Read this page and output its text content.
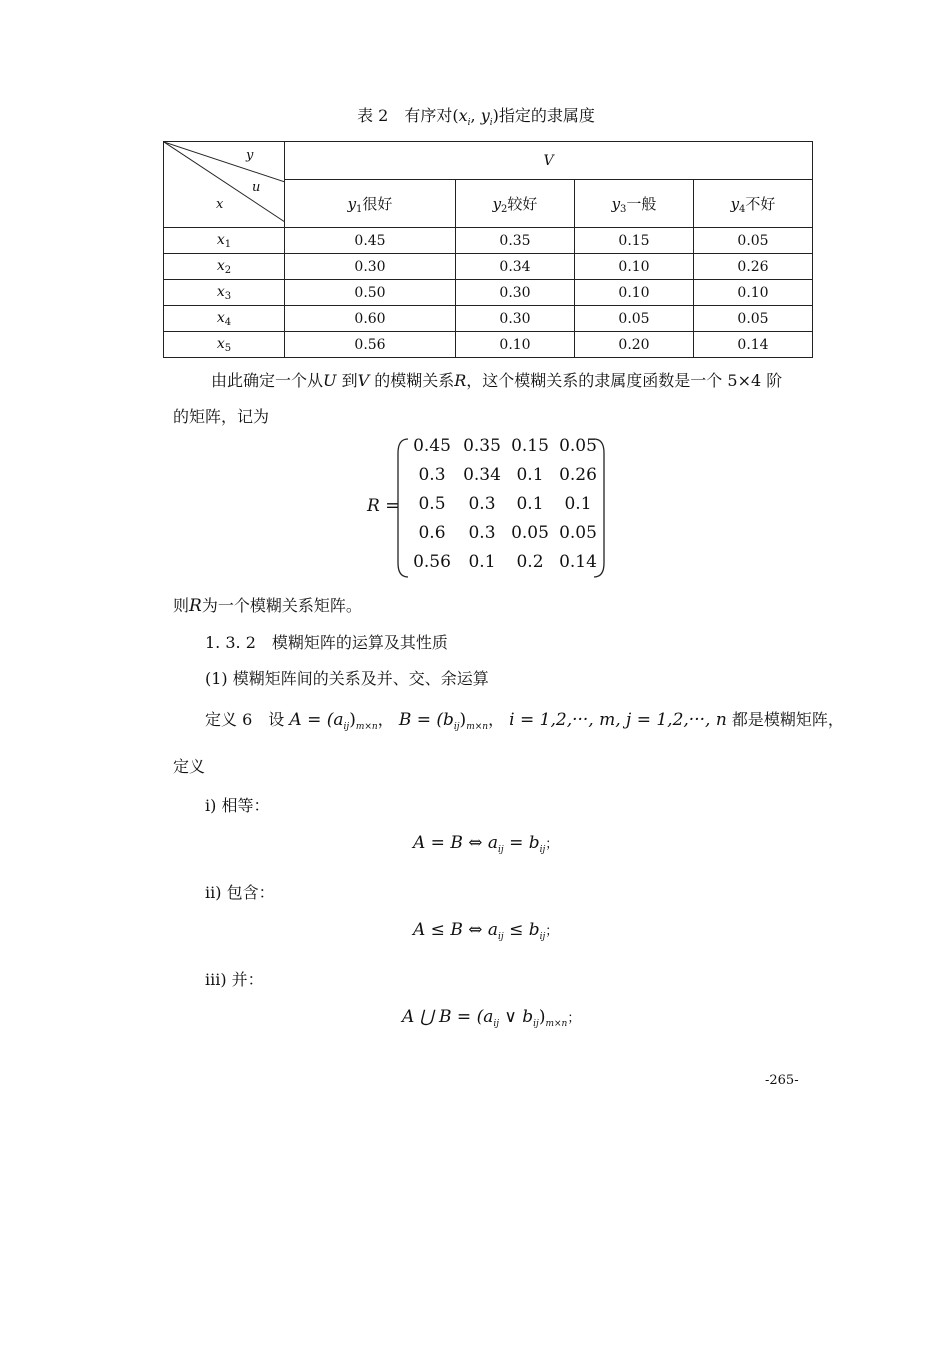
表 2　有序对($x_i$, $y_i$)指定的隶属度
y
u
x	V			
	$y_1$很好	$y_2$较好	$y_3$一般	$y_4$不好
$x_1$	0.45	0.35	0.15	0.05
$x_2$	0.30	0.34	0.10	0.26
$x_3$	0.50	0.30	0.10	0.10
$x_4$	0.60	0.30	0.05	0.05
$x_5$	0.56	0.10	0.20	0.14
由此确定一个从U 到V 的模糊关系R，这个模糊关系的隶属度函数是一个 5×4 阶
的矩阵，记为
R =
0.45 0.35 0.15 0.05
0.3	0.34 0.1 0.26
0.5	0.3	0.1	0.1
0.6	0.3 0.05 0.05
0.56	0.1	0.2 0.14
则R为一个模糊关系矩阵。
1. 3. 2　模糊矩阵的运算及其性质
(1) 模糊矩阵间的关系及并、交、余运算
定义 6　 设 $A = (a_{ij})_{m\times n}$， $B = (b_{ij})_{m\times n}$， i = 1,2,···, m, j = 1,2,···, n 都是模糊矩阵，
定义
i) 相等：
A = B ⇔ $a_{ij} = b_{ij}$；
ii) 包含：
A ≤ B ⇔ $a_{ij} \le b_{ij}$；
iii) 并：
A ⋃ $B = (a_{ij}$ ∨ $b_{ij})_{m\times n}$；
-265-
